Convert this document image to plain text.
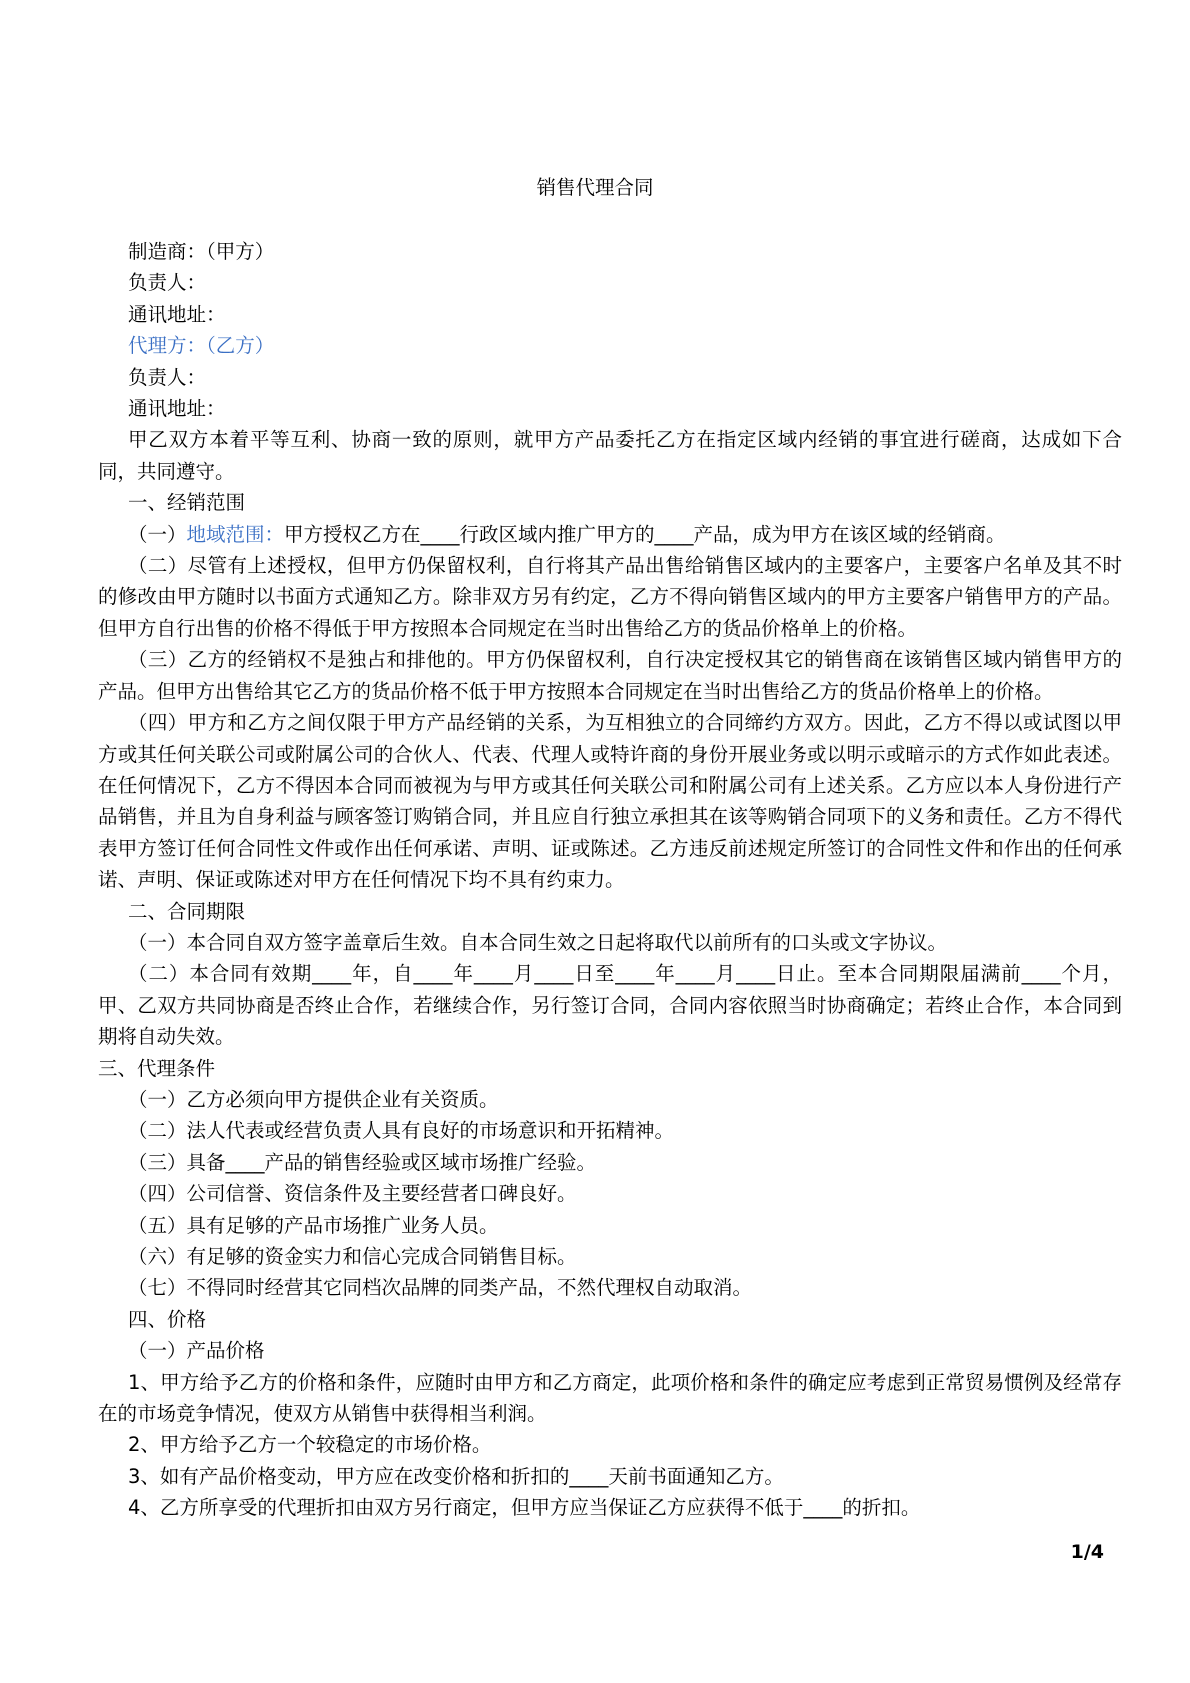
销售代理合同

制造商：（甲方）

负责人：

通讯地址：

代理方：（乙方）

负责人：

通讯地址：

甲乙双方本着平等互利、协商一致的原则，就甲方产品委托乙方在指定区域内经销的事宜进行磋商，达成如下合同，共同遵守。

一、经销范围

（一）地域范围：甲方授权乙方在____行政区域内推广甲方的____产品，成为甲方在该区域的经销商。

（二）尽管有上述授权，但甲方仍保留权利，自行将其产品出售给销售区域内的主要客户，主要客户名单及其不时的修改由甲方随时以书面方式通知乙方。除非双方另有约定，乙方不得向销售区域内的甲方主要客户销售甲方的产品。但甲方自行出售的价格不得低于甲方按照本合同规定在当时出售给乙方的货品价格单上的价格。

（三）乙方的经销权不是独占和排他的。甲方仍保留权利，自行决定授权其它的销售商在该销售区域内销售甲方的产品。但甲方出售给其它乙方的货品价格不低于甲方按照本合同规定在当时出售给乙方的货品价格单上的价格。

（四）甲方和乙方之间仅限于甲方产品经销的关系，为互相独立的合同缔约方双方。因此，乙方不得以或试图以甲方或其任何关联公司或附属公司的合伙人、代表、代理人或特许商的身份开展业务或以明示或暗示的方式作如此表述。在任何情况下，乙方不得因本合同而被视为与甲方或其任何关联公司和附属公司有上述关系。乙方应以本人身份进行产品销售，并且为自身利益与顾客签订购销合同，并且应自行独立承担其在该等购销合同项下的义务和责任。乙方不得代表甲方签订任何合同性文件或作出任何承诺、声明、证或陈述。乙方违反前述规定所签订的合同性文件和作出的任何承诺、声明、保证或陈述对甲方在任何情况下均不具有约束力。

二、合同期限

（一）本合同自双方签字盖章后生效。自本合同生效之日起将取代以前所有的口头或文字协议。

（二）本合同有效期____年，自____年____月____日至____年____月____日止。至本合同期限届满前____个月，甲、乙双方共同协商是否终止合作，若继续合作，另行签订合同，合同内容依照当时协商确定；若终止合作，本合同到期将自动失效。

三、代理条件

（一）乙方必须向甲方提供企业有关资质。

（二）法人代表或经营负责人具有良好的市场意识和开拓精神。

（三）具备____产品的销售经验或区域市场推广经验。

（四）公司信誉、资信条件及主要经营者口碑良好。

（五）具有足够的产品市场推广业务人员。

（六）有足够的资金实力和信心完成合同销售目标。

（七）不得同时经营其它同档次品牌的同类产品，不然代理权自动取消。

四、价格

（一）产品价格

1、甲方给予乙方的价格和条件，应随时由甲方和乙方商定，此项价格和条件的确定应考虑到正常贸易惯例及经常存在的市场竞争情况，使双方从销售中获得相当利润。

2、甲方给予乙方一个较稳定的市场价格。

3、如有产品价格变动，甲方应在改变价格和折扣的____天前书面通知乙方。

4、乙方所享受的代理折扣由双方另行商定，但甲方应当保证乙方应获得不低于____的折扣。

1/4
